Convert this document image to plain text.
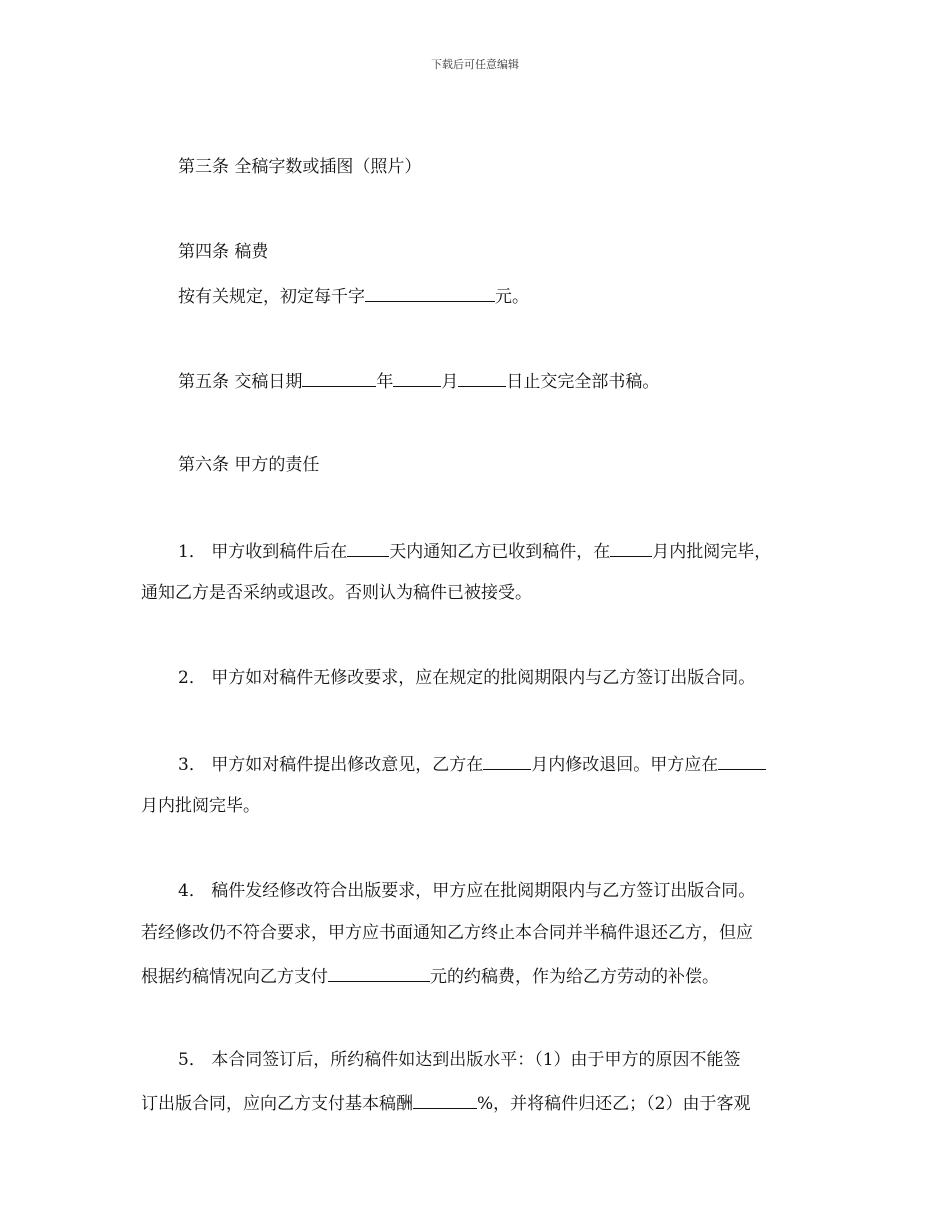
下载后可任意编辑
第三条 全稿字数或插图（照片）
第四条 稿费
按有关规定，初定每千字	元。
第五条 交稿日期	年	月	日止交完全部书稿。
第六条 甲方的责任
1． 甲方收到稿件后在 天内通知乙方已收到稿件，在 月内批阅完毕，
通知乙方是否采纳或退改。否则认为稿件已被接受。
2． 甲方如对稿件无修改要求，应在规定的批阅期限内与乙方签订出版合同。
3． 甲方如对稿件提出修改意见，乙方在	月内修改退回。甲方应在
月内批阅完毕。
4． 稿件发经修改符合出版要求，甲方应在批阅期限内与乙方签订出版合同。
若经修改仍不符合要求，甲方应书面通知乙方终止本合同并半稿件退还乙方，但应
根据约稿情况向乙方支付	元的约稿费，作为给乙方劳动的补偿。
5． 本合同签订后，所约稿件如达到出版水平：（1）由于甲方的原因不能签
订出版合同，应向乙方支付基本稿酬	%，并将稿件归还乙；（2）由于客观
